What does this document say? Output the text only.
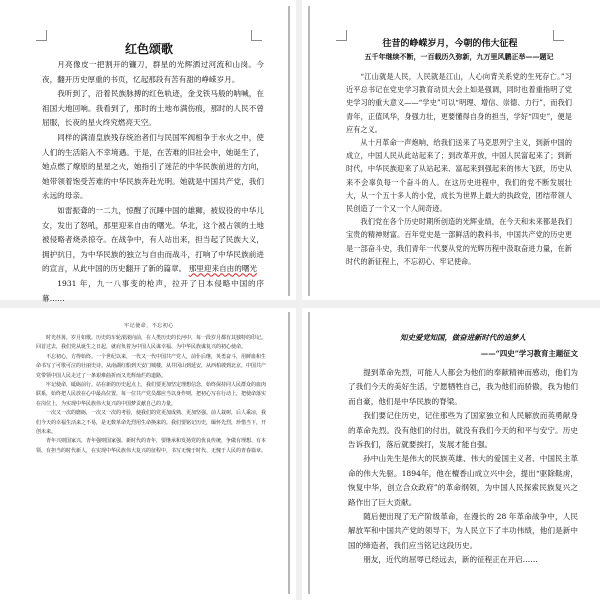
红色颂歌

月亮像皮一把割开的镰刀，群星的光辉洒过河流和山岗。今夜，翻开历史厚重的书页，忆起那段有苦有甜的峥嵘岁月。

我听到了，沿着民族脉搏的红色轨迹，金戈铁马般的呐喊，在祖国大地回响。我看到了，那时的土地布满伤痕，那时的人民不曾屈服，长夜的星火终究燃亮天空。

同样的满清皇族残存统治者们与民国军阀相争于水火之中，使人们的生活陷入不幸境遇。于是，在苦难的旧社会中，她诞生了，她点燃了燎原的星星之火，她指引了迷茫的中华民族前进的方向，她带领着饱受苦难的中华民族奔赴光明。她就是中国共产党，我们永远的母亲。

如雷振聋的一二九，惊醒了沉睡中国的雄狮，被奴役的中华儿女，发出了怒吼，那里迎来自由的曙光。华北，这个被占领的土地被侵略者烧杀掠夺。在战争中，有人站出来，担当起了民族大义，拥护抗日，为中华民族的独立与自由而战斗，打响了中华民族前进的宣言，从此中国的历史翻开了新的篇章。 那里迎来自由的曙光

1931 年，九一八事变的枪声，拉开了日本侵略中国的序幕……

往昔的峥嵘岁月，今朝的伟大征程
五千年继续不断，一百载历久弥新，九万里风鹏正举——题记

“江山就是人民，人民就是江山，人心向背关系党的生死存亡。”习近平总书记在党史学习教育动员大会上如是强调，同时也着重指明了党史学习的重大意义——“学史”可以“明理、增信、崇德、力行”，而我们青年，正值风华，身强力壮，更要懂得自身的担当，学好“四史”，便是应有之义。

从十月革命一声炮响，给我们送来了马克思列宁主义，到新中国的成立，中国人民从此站起来了；到改革开放，中国人民富起来了；到新时代，中华民族迎来了从站起来、富起来到强起来的伟大飞跃，历史从来不会辜负每一个奋斗的人。在这历史进程中，我们的党不断发展壮大，从一个五十多人的小党，成长为世界上最大的执政党，团结带领人民创造了一个又一个人间奇迹。

我们党在各个历史时期所创造的光辉业绩，在今天和未来都是我们宝贵的精神财富。百年党史是一部鲜活的教科书，中国共产党的历史更是一部奋斗史，我们青年一代要从党的光辉历程中汲取奋进力量，在新时代的新征程上，不忘初心、牢记使命。

牢记使命，不忘初心

时光荏苒，岁月如歌。历史的车轮滚滚向前，在人类历史的长河中，每一段岁月都有其独特的印记。回首过去，我们党从诞生之日起，就肩负着为中国人民谋幸福、为中华民族谋复兴的初心使命。

不忘初心，方得始终。一个世纪以来，一代又一代中国共产党人，前仆后继，英勇奋斗，用鲜血和生命书写了可歌可泣的壮丽史诗。从南湖红船到天安门城楼，从井冈山到延安，从西柏坡到北京，中国共产党带领中国人民走过了一条艰难曲折而又光辉灿烂的道路。

牢记使命，砥砺前行。站在新的历史起点上，我们要更加坚定理想信念，始终保持同人民群众的血肉联系，始终把人民放在心中最高位置。每一位共产党员都应当以身作则，把初心写在行动上，把使命落实在岗位上，为实现中华民族伟大复兴的中国梦贡献自己的力量。

一次又一次的磨砺，一次又一次的考验，使我们的党更加成熟、更加坚强。前人栽树，后人乘凉，我们今天的幸福生活来之不易，是无数革命先烈用生命换来的。我们要铭记历史，缅怀先烈，珍惜当下，开创未来。

青年兴则国家兴，青年强则国家强。新时代的青年，要继承和发扬党的优良传统，争做有理想、有本领、有担当的时代新人，在实现中华民族伟大复兴的征程中，书写无愧于时代、无愧于人民的青春篇章。

知史爱党知国，做奋进新时代的追梦人
——“四史”学习教育主题征文

提到革命先烈，可能人人都会为他们的奉献精神而感动，他们为了我们今天的美好生活，宁愿牺牲自己，我为他们而骄傲，我为他们而自豪，他们是中华民族的脊梁。

我们要记住历史，记住那些为了国家独立和人民解放而英勇献身的革命先烈。没有他们的付出，就没有我们今天的和平与安宁。历史告诉我们，落后就要挨打，发展才能自强。

孙中山先生是伟大的民族英雄、伟大的爱国主义者、中国民主革命的伟大先驱。1894年，他在檀香山成立兴中会，提出“驱除鞑虏，恢复中华，创立合众政府”的革命纲领，为中国人民探索民族复兴之路作出了巨大贡献。

随后便出现了无产阶级革命，在漫长的 28 年革命战争中，人民解放军和中国共产党的领导下，为人民立下了丰功伟绩，他们是新中国的缔造者，我们应当铭记这段历史。

朋友，近代的屈辱已经远去，新的征程正在开启……
